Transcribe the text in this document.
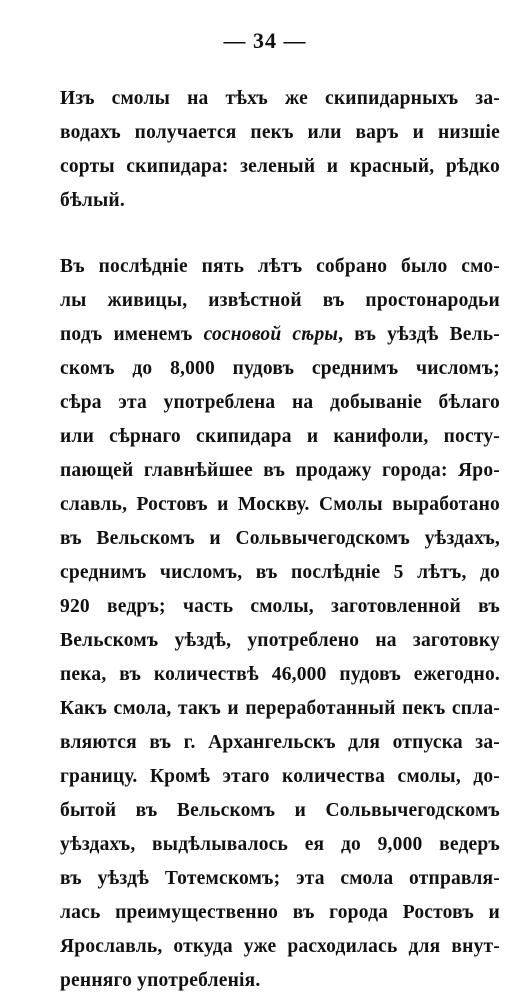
— 34 —
Изъ смолы на тѣхъ же скипидарныхъ за-
водахъ получается пекъ или варъ и низшіе
сорты скипидара: зеленый и красный, рѣдко
бѣлый.
Въ послѣдніе пять лѣтъ собрано было смо-
лы живицы, извѣстной въ простонародьи
подъ именемъ сосновой сѣры, въ уѣздѣ Вель-
скомъ до 8,000 пудовъ среднимъ числомъ;
сѣра эта употреблена на добываніе бѣлаго
или сѣрнаго скипидара и канифоли, посту-
пающей главнѣйшее въ продажу города: Яро-
славль, Ростовъ и Москву. Смолы выработано
въ Вельскомъ и Сольвычегодскомъ уѣздахъ,
среднимъ числомъ, въ послѣдніе 5 лѣтъ, до
920 ведръ; часть смолы, заготовленной въ
Вельскомъ уѣздѣ, употреблено на заготовку
пека, въ количествѣ 46,000 пудовъ ежегодно.
Какъ смола, такъ и переработанный пекъ спла-
вляются въ г. Архангельскъ для отпуска за-
границу. Кромѣ этаго количества смолы, до-
бытой въ Вельскомъ и Сольвычегодскомъ
уѣздахъ, выдѣлывалось ея до 9,000 ведеръ
въ уѣздѣ Тотемскомъ; эта смола отправля-
лась преимущественно въ города Ростовъ и
Ярославль, откуда уже расходилась для внут-
ренняго употребленія.
